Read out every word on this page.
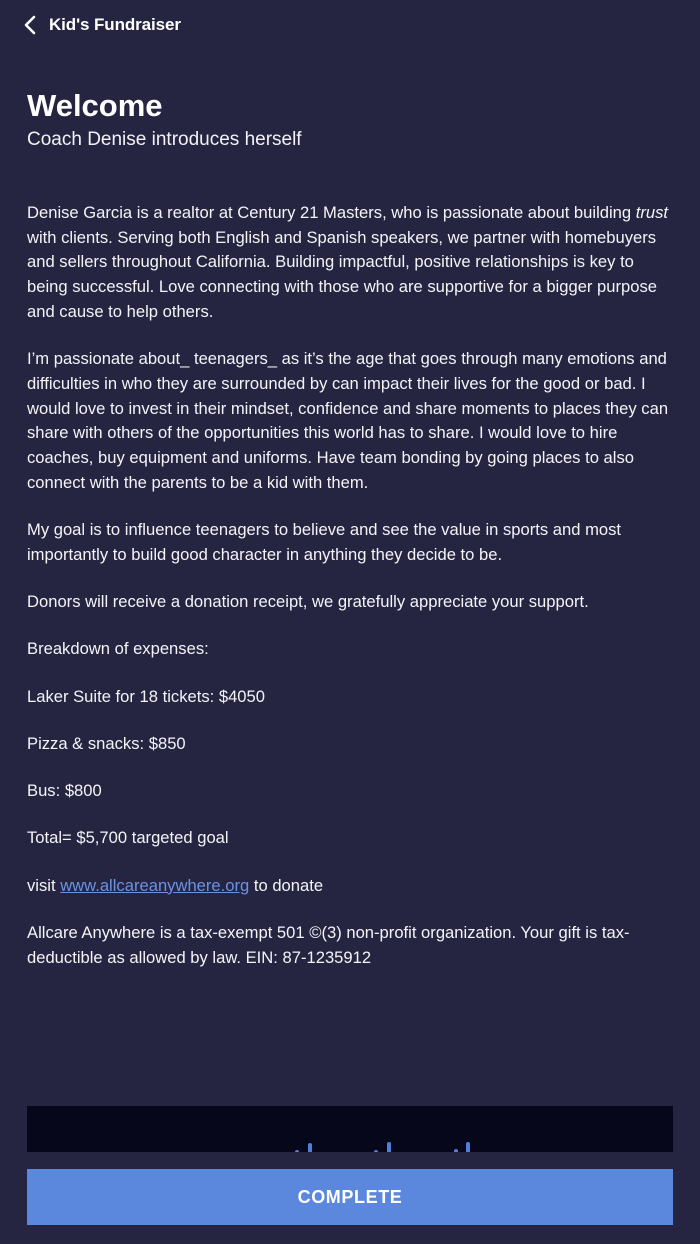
Kid's Fundraiser
Welcome

Coach Denise introduces herself

Denise Garcia is a realtor at Century 21 Masters, who is passionate about building trust with clients. Serving both English and Spanish speakers, we partner with homebuyers and sellers throughout California. Building impactful, positive relationships is key to being successful. Love connecting with those who are supportive for a bigger purpose and cause to help others.

I’m passionate about_ teenagers_ as it’s the age that goes through many emotions and difficulties in who they are surrounded by can impact their lives for the good or bad. I would love to invest in their mindset, confidence and share moments to places they can share with others of the opportunities this world has to share. I would love to hire coaches, buy equipment and uniforms. Have team bonding by going places to also connect with the parents to be a kid with them.

My goal is to influence teenagers to believe and see the value in sports and most importantly to build good character in anything they decide to be.

Donors will receive a donation receipt, we gratefully appreciate your support.

Breakdown of expenses:

Laker Suite for 18 tickets: $4050

Pizza & snacks: $850

Bus: $800

Total= $5,700 targeted goal

visit www.allcareanywhere.org to donate

Allcare Anywhere is a tax-exempt 501 ©(3) non-profit organization. Your gift is tax-deductible as allowed by law. EIN: 87-1235912

COMPLETE
